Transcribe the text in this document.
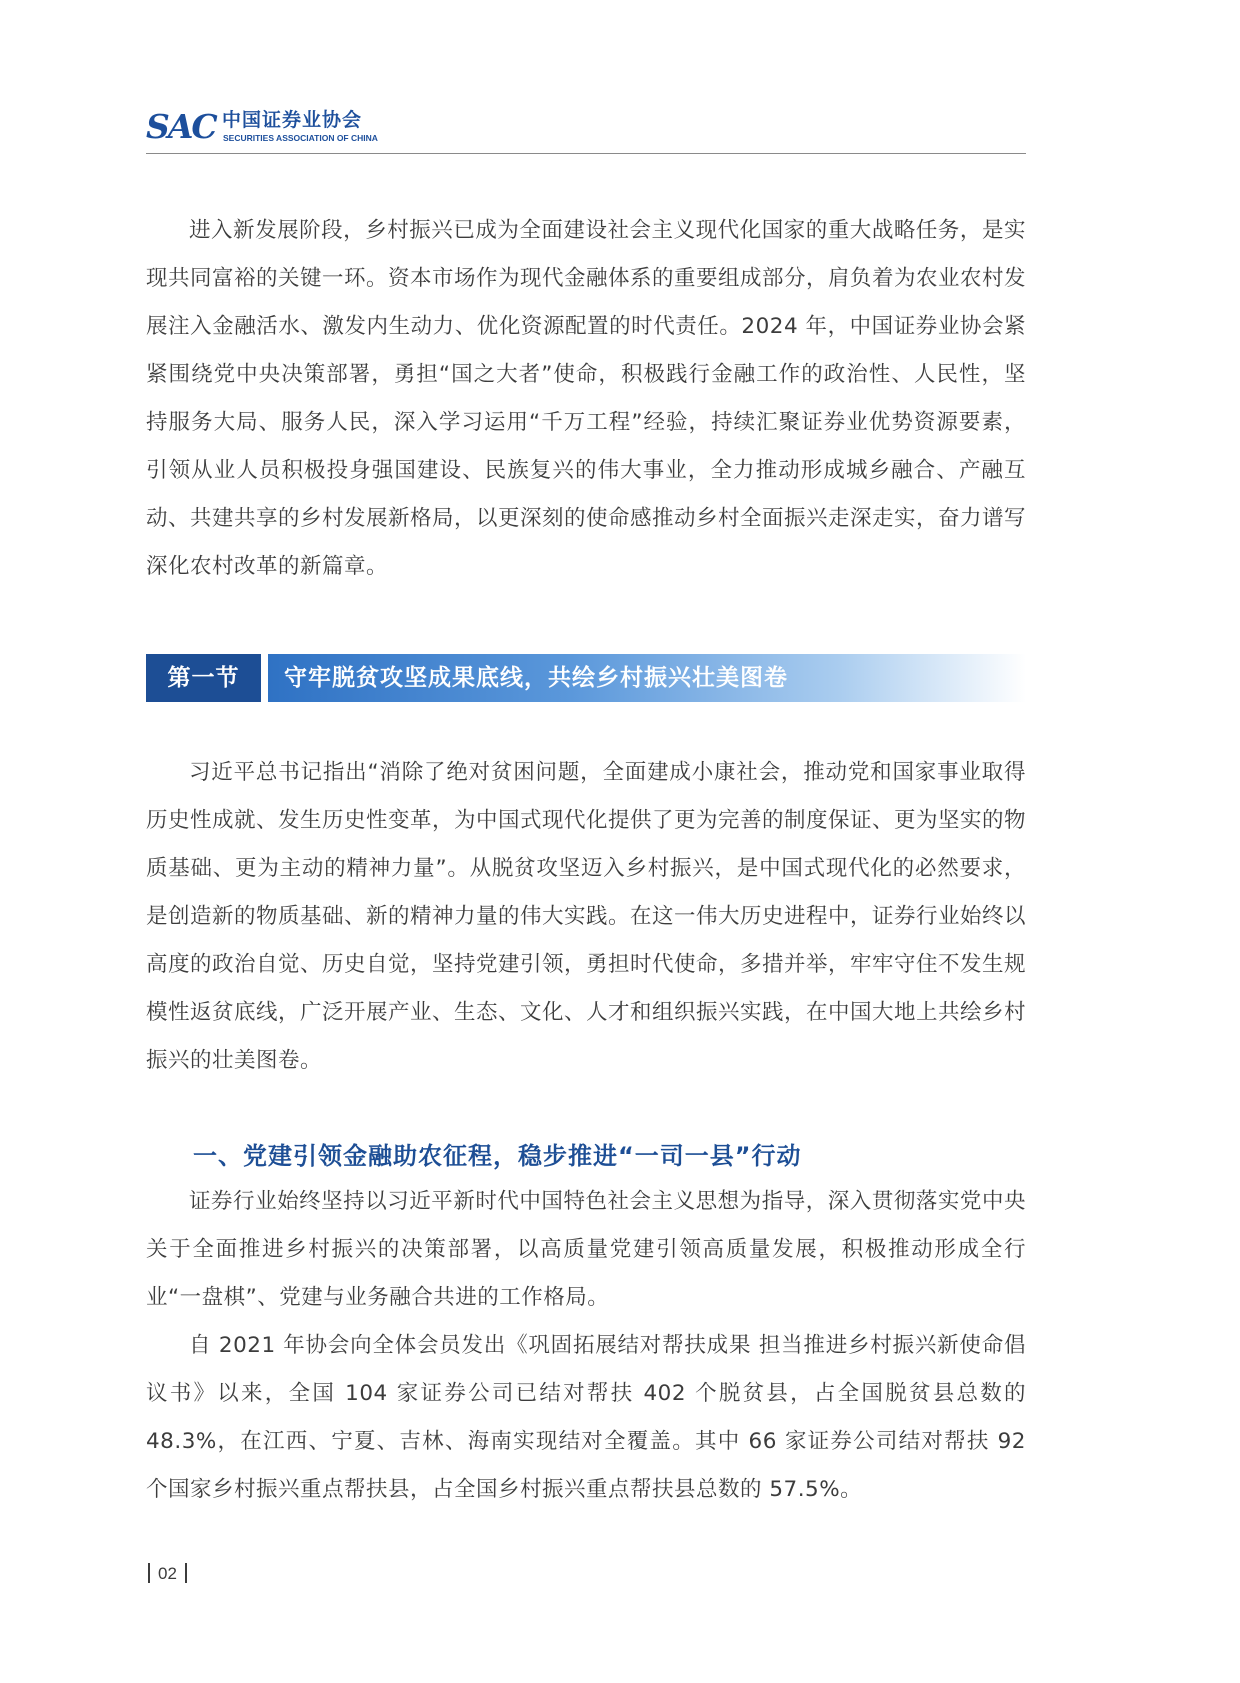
SAC 中国证券业协会
SECURITIES ASSOCIATION OF CHINA

进入新发展阶段，乡村振兴已成为全面建设社会主义现代化国家的重大战略任务，是实现共同富裕的关键一环。资本市场作为现代金融体系的重要组成部分，肩负着为农业农村发展注入金融活水、激发内生动力、优化资源配置的时代责任。2024 年，中国证券业协会紧紧围绕党中央决策部署，勇担“国之大者”使命，积极践行金融工作的政治性、人民性，坚持服务大局、服务人民，深入学习运用“千万工程”经验，持续汇聚证券业优势资源要素，引领从业人员积极投身强国建设、民族复兴的伟大事业，全力推动形成城乡融合、产融互动、共建共享的乡村发展新格局，以更深刻的使命感推动乡村全面振兴走深走实，奋力谱写深化农村改革的新篇章。

第一节	守牢脱贫攻坚成果底线，共绘乡村振兴壮美图卷

习近平总书记指出“消除了绝对贫困问题，全面建成小康社会，推动党和国家事业取得历史性成就、发生历史性变革，为中国式现代化提供了更为完善的制度保证、更为坚实的物质基础、更为主动的精神力量”。从脱贫攻坚迈入乡村振兴，是中国式现代化的必然要求，是创造新的物质基础、新的精神力量的伟大实践。在这一伟大历史进程中，证券行业始终以高度的政治自觉、历史自觉，坚持党建引领，勇担时代使命，多措并举，牢牢守住不发生规模性返贫底线，广泛开展产业、生态、文化、人才和组织振兴实践，在中国大地上共绘乡村振兴的壮美图卷。

一、党建引领金融助农征程，稳步推进“一司一县”行动

证券行业始终坚持以习近平新时代中国特色社会主义思想为指导，深入贯彻落实党中央关于全面推进乡村振兴的决策部署，以高质量党建引领高质量发展，积极推动形成全行业“一盘棋”、党建与业务融合共进的工作格局。

自 2021 年协会向全体会员发出《巩固拓展结对帮扶成果 担当推进乡村振兴新使命倡议书》以来，全国 104 家证券公司已结对帮扶 402 个脱贫县，占全国脱贫县总数的 48.3%，在江西、宁夏、吉林、海南实现结对全覆盖。其中 66 家证券公司结对帮扶 92 个国家乡村振兴重点帮扶县，占全国乡村振兴重点帮扶县总数的 57.5%。

02
